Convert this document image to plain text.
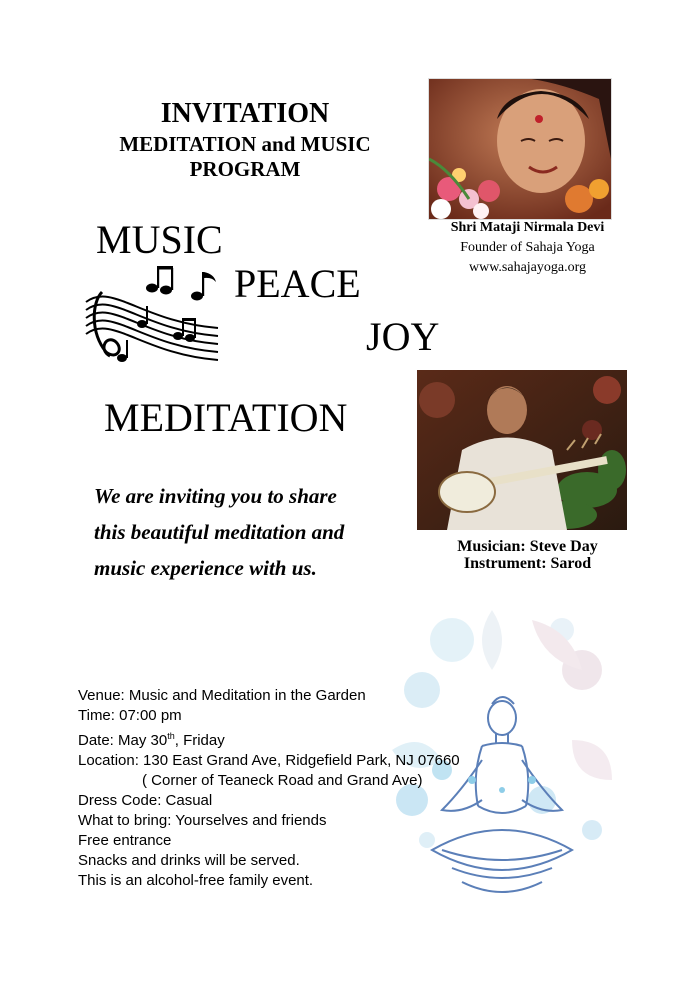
INVITATION
MEDITATION and MUSIC
PROGRAM
MUSIC
PEACE
JOY
MEDITATION
Shri Mataji Nirmala Devi
Founder of Sahaja Yoga
www.sahajayoga.org
Musician: Steve Day
Instrument: Sarod
We are inviting you to share
this beautiful meditation and
music experience with us.
Venue: Music and Meditation in the Garden
Time: 07:00 pm
Date: May 30th, Friday
Location: 130 East Grand Ave, Ridgefield Park, NJ 07660
( Corner of Teaneck Road and Grand Ave)
Dress Code: Casual
What to bring: Yourselves and friends
Free entrance
Snacks and drinks will be served.
This is an alcohol-free family event.
